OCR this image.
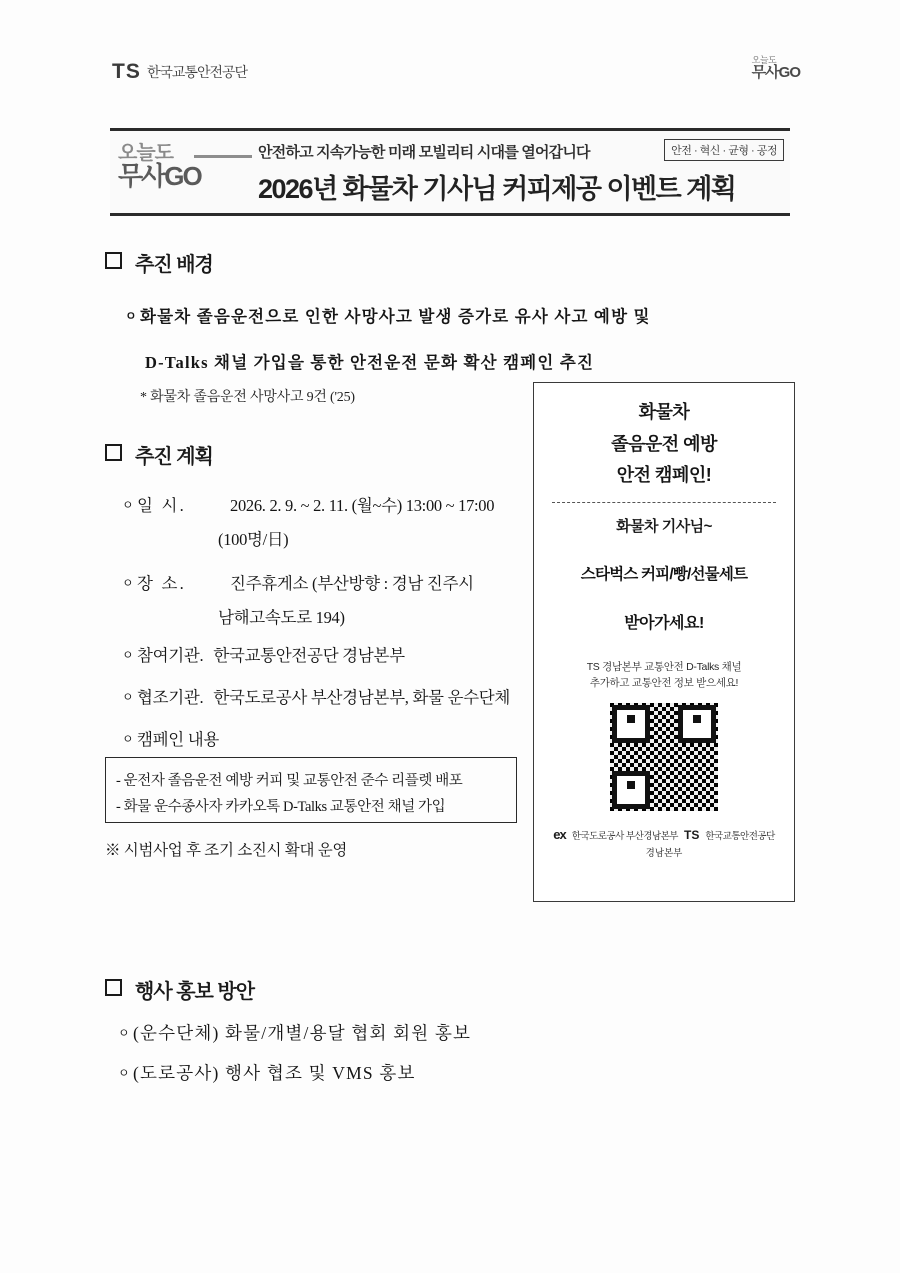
TS 한국교통안전공단
오늘도
무사GO
오늘도
무사GO
안전하고 지속가능한 미래 모빌리티 시대를 열어갑니다	안전 · 혁신 · 균형 · 공정
2026년 화물차 기사님 커피제공 이벤트 계획
추진 배경
ㅇ 화물차 졸음운전으로 인한 사망사고 발생 증가로 유사 사고 예방 및
D-Talks 채널 가입을 통한 안전운전 문화 확산 캠페인 추진
* 화물차 졸음운전 사망사고 9건 ('25)
추진 계획
ㅇ 일 시.	2026. 2. 9. ~ 2. 11. (월~수) 13:00 ~ 17:00
(100명/日)
ㅇ 장 소.	진주휴게소 (부산방향 : 경남 진주시
남해고속도로 194)
ㅇ 참여기관. 한국교통안전공단 경남본부
ㅇ 협조기관. 한국도로공사 부산경남본부, 화물 운수단체
ㅇ 캠페인 내용
- 운전자 졸음운전 예방 커피 및 교통안전 준수 리플렛 배포
- 화물 운수종사자 카카오톡 D-Talks 교통안전 채널 가입
※ 시범사업 후 조기 소진시 확대 운영
행사 홍보 방안
ㅇ (운수단체) 화물/개별/용달 협회 회원 홍보
ㅇ (도로공사) 행사 협조 및 VMS 홍보
화물차
졸음운전 예방
안전 캠페인!
화물차 기사님~
스타벅스 커피/빵/선물세트
받아가세요!
TS 경남본부 교통안전 D-Talks 채널
추가하고 교통안전 정보 받으세요!
ex 한국도로공사 부산경남본부 TS 한국교통안전공단
경남본부
